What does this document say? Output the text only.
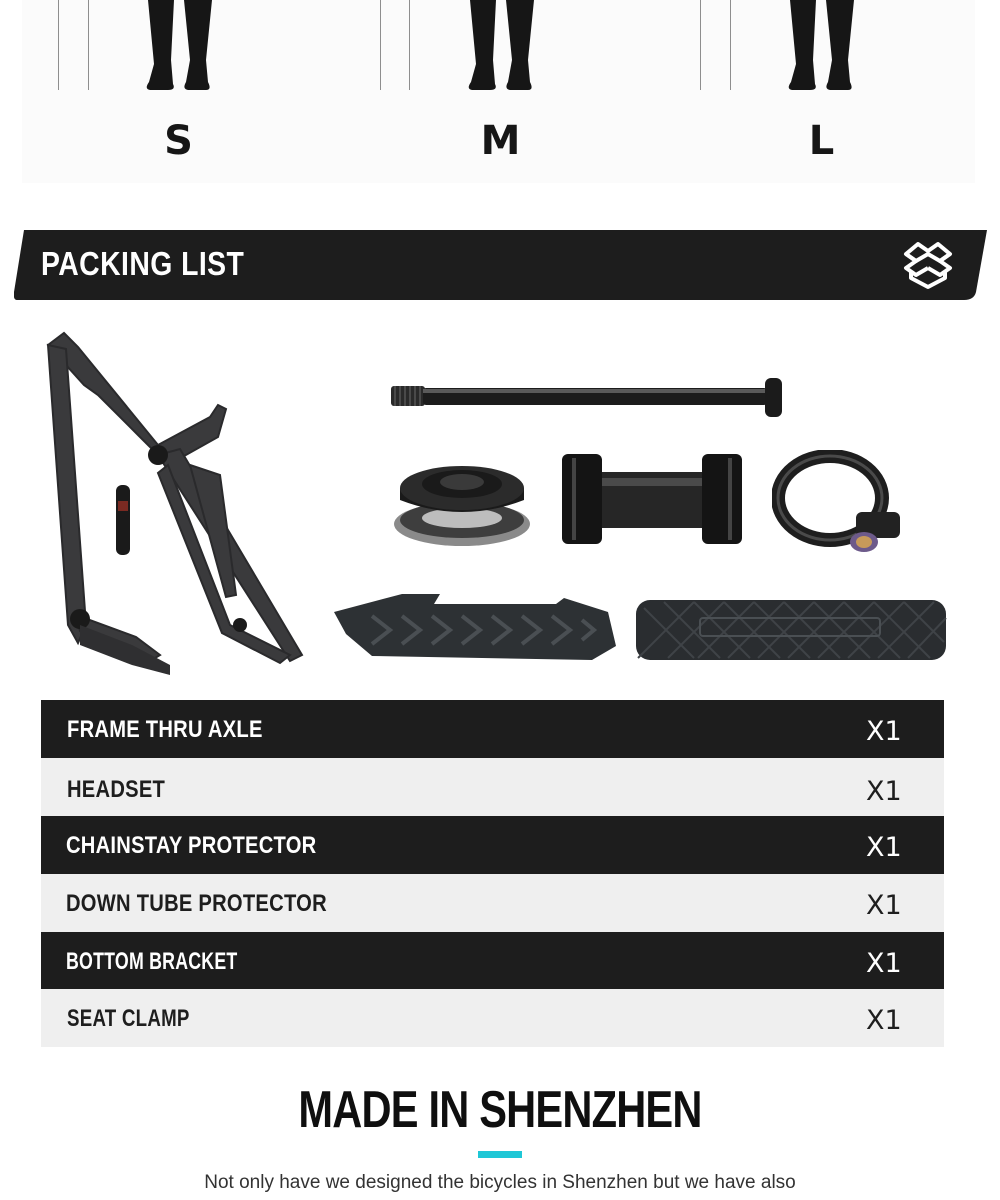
S	M	L
PACKING LIST
FRAME THRU AXLE	X1
HEADSET	X1
CHAINSTAY PROTECTOR	X1
DOWN TUBE PROTECTOR	X1
BOTTOM BRACKET	X1
SEAT CLAMP	X1
MADE IN SHENZHEN
Not only have we designed the bicycles in Shenzhen but we have also
